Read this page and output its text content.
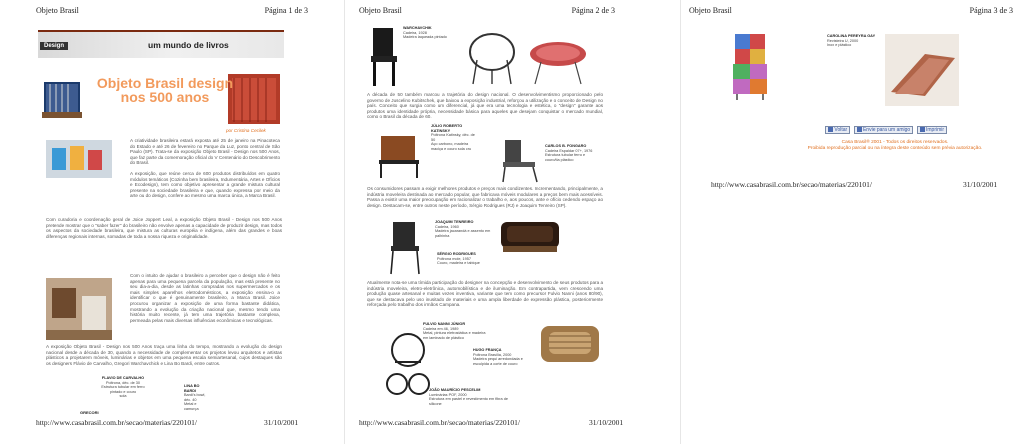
Objeto Brasil	Página 1 de 3
Design	um mundo de livros
Objeto Brasil design nos 500 anos
por Cristina Cecilek
A criatividade brasileira estará exposta até 25 de janeiro na Pinacoteca do Estado e até 26 de fevereiro no Parque da Luz, ponto central de São Paulo (SP). Trata-se da exposição Objeto Brasil - Design nos 500 Anos, que faz parte da comemoração oficial do V Centenário do Descobrimento do Brasil.
A exposição, que reúne cerca de 600 produtos distribuídos em quatro módulos temáticos (Cozinha bem brasileira, Indumentária, Artes e Ofícios e Ecodesign), tem como objetivo apresentar a grande mistura cultural presente na sociedade brasileira e que, quando expressa por meio da arte ou do design, confere ao mesmo uma marca única, a Marca Brasil.
Com curadoria e coordenação geral de Joice Joppert Leal, a exposição Objeto Brasil - Design nos 500 Anos pretende mostrar que o "saber fazer" do brasileiro não envolve apenas a capacidade de produzir design, mas todos os aspectos da sociedade brasileira, que mistura as culturas européia e indígena, além das grandes e boas diferenças regionais internas, somadas de toda a nossa riqueza e originalidade.
Com o intuito de ajudar o brasileiro a perceber que o design não é feito apenas para uma pequena parcela da população, mas está presente no seu dia-a-dia, desde as latinhas compradas nos supermercados e os mais simples aparelhos eletrodomésticos, a exposição ensina-o a identificar o que é genuinamente brasileiro, a Marca Brasil. Joice procurou organizar a exposição de uma forma bastante didática, mostrando a evolução da criação nacional que, mesmo tendo uma história muito recente, já tem uma trajetória bastante complexa, permeada pelas mais diversas influências econômicas e tecnológicas.
A exposição Objeto Brasil - Design nos 500 Anos traça uma linha do tempo, mostrando a evolução do design nacional desde a década de 30, quando a necessidade de complementar os projetos levou arquitetos e artistas plásticos a projetarem móveis, luminárias e objetos em uma pequena escala semiartesanal, cujos destaques são os designers Flávio de Carvalho, Gregori Warchavchick e Lina Bo Bardi, entre outros.
FLAVIO DE CARVALHO
Poltrona, déc. de 30
Estrutura tubular em ferro pintado e couro
sola
LINA BO BARDI
Bardi's bowl, déc. 40
Metal e camurça
GRECORI
http://www.casabrasil.com.br/secao/materias/220101/	31/10/2001
Objeto Brasil	Página 2 de 3
WARCHAVCHIK
Cadeira, 1928
Madeira laqueada pintado
A década de 50 também marcou a trajetória do design nacional. O desenvolvimentismo proporcionado pelo governo de Juscelino Kubitschek, que baixou a exposição industrial, reforçou a utilização e o conceito de Design no país. Conceito que surgia como um diferencial, já que era uma tecnologia e estética, o "design" garante aos produtos uma identidade própria, necessidade básica para aqueles que desejam conquistar o mercado mundial, como o Brasil da década de 60.
JÚLIO ROBERTO KATINSKY
Poltrona Katinsky, déc. de 50
Aço carbono, madeira maciça e couro sola cru
CARLOS B. FONGARO
Cadeira Espaldar 07+, 1976
Estrutura tubular ferro e couro/tia plástico
Os consumidores passam a exigir melhores produtos e preços mais condizentes. Incrementando, principalmente, a indústria moveleira destinada ao mercado popular, que fabricava móveis modulares a preços bem mais acessíveis. Passa a existir uma maior preocupação em racionalizar o trabalho e, aos poucos, ante e ofício cedendo espaço ao design. Destacam-se, entre outros neste período, Sérgio Rodrigues (RJ) e Joaquim Tenreiro (SP).
JOAQUIM TENREIRO
Cadeira, 1960
Madeira jacarandá e assento em palhinha
SÉRGIO RODRIGUES
Poltrona mole, 1957
Couro, madeira e tabique
Atualmente nota-se uma tímida participação do designer na concepção e desenvolvimento de seus produtos para a indústria moveleira, eletro-eletrônica, automobilística e de iluminação. Em contrapartida, vem crescendo uma produção quase artesanal e muitas vezes inventiva, variante que tem como precursor Fulvio Nanni (anos 80/90), que se destacava pelo uso inusitado de materiais e uma ampla liberdade de expressão plástica, posteriormente reforçada pelo trabalho dos irmãos Campana.
FULVIO NANNI JÚNIOR
Cadeira em 46, 1989
Metal, pintura eletrostática e madeira em laminado de plástico
HUGO FRANÇA
Poltrona Brasília, 2000
Madeira pequi arredondada e esculpida a corte de couro
JOÃO MAURÍCIO PESCELIM
Luminárias POF, 2000
Estrutura em pastel e revestimento em fibra de silicone
http://www.casabrasil.com.br/secao/materias/220101/	31/10/2001
Objeto Brasil	Página 3 de 3
CAROLINA PEREYRA GAY
Revisteira U, 2000
Inox e plástico
Voltar	Envie para um amigo	Imprimir
Casa Brasil® 2001 - Todos os direitos reservados.
Proibida reprodução parcial ou na íntegra deste conteúdo sem prévia autorização.
http://www.casabrasil.com.br/secao/materias/220101/	31/10/2001
